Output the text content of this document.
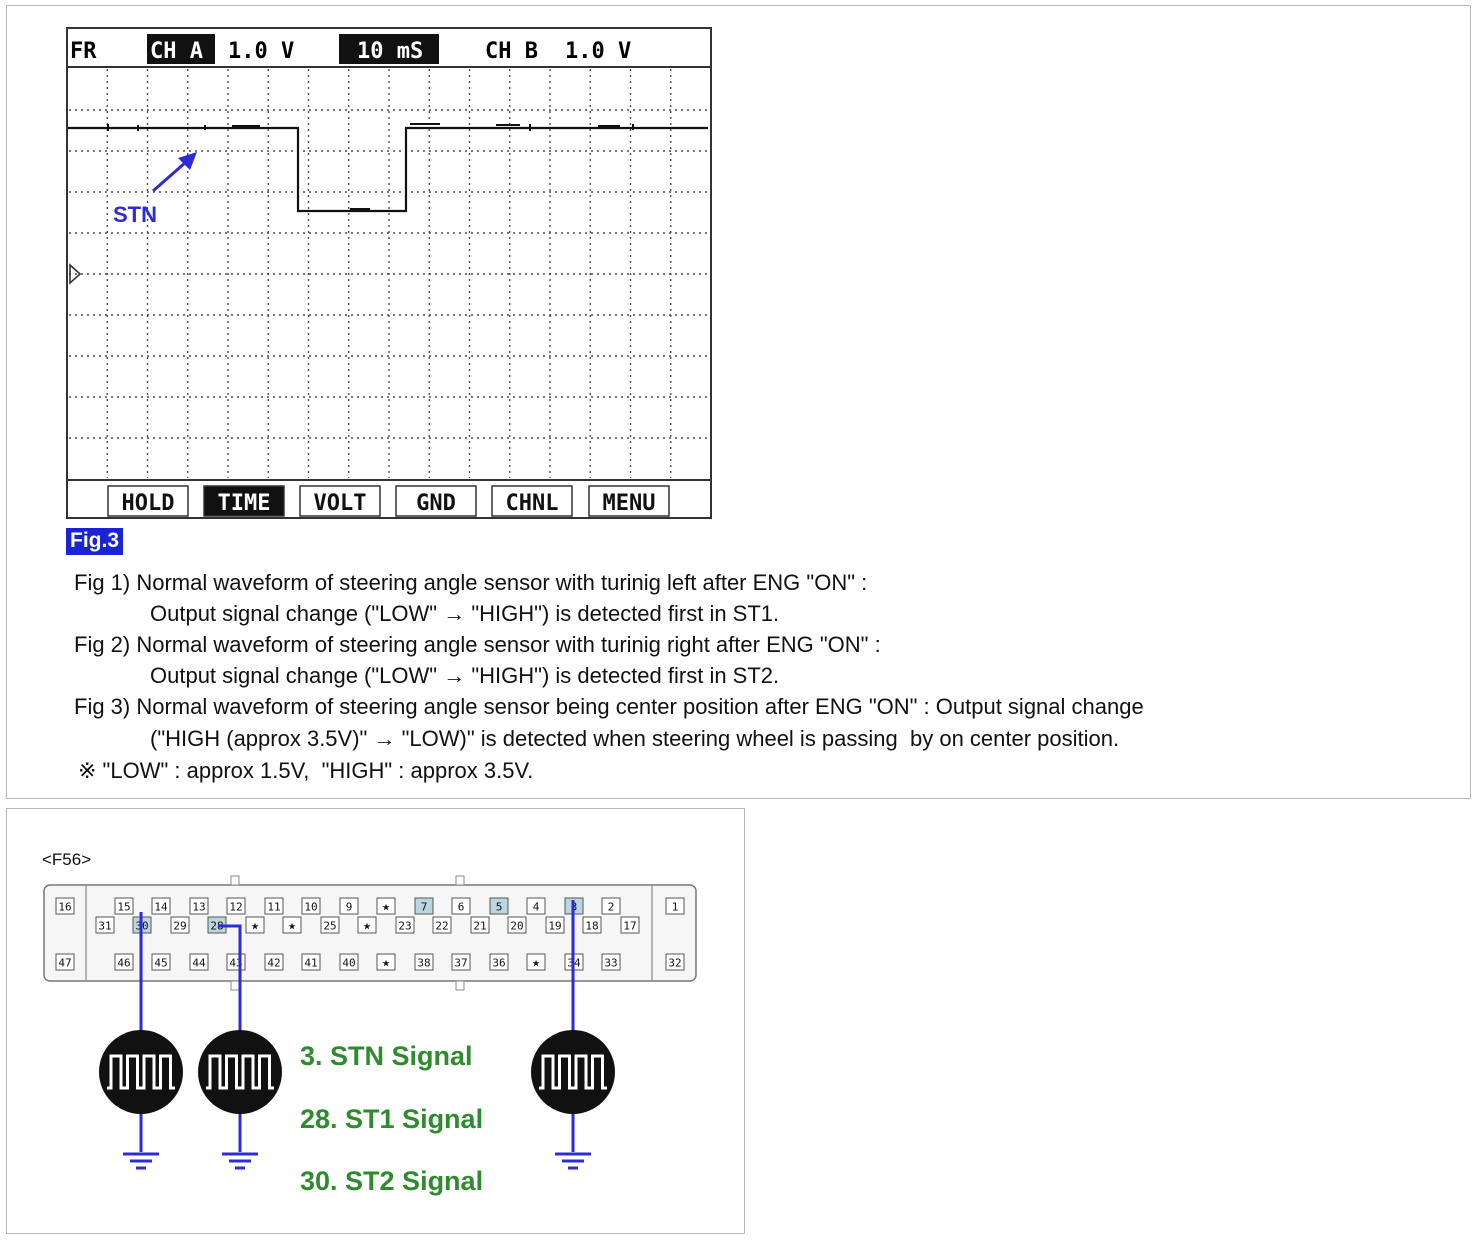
FR CH A 1.0 V	10 mS	CH B 1.0 V
STN
HOLD TIME VOLT GND CHNL MENU
Fig.3
Fig 1) Normal waveform of steering angle sensor with turinig left after ENG "ON" :
Output signal change ("LOW" → "HIGH") is detected first in ST1.
Fig 2) Normal waveform of steering angle sensor with turinig right after ENG "ON" :
Output signal change ("LOW" → "HIGH") is detected first in ST2.
Fig 3) Normal waveform of steering angle sensor being center position after ENG "ON" : Output signal change
("HIGH (approx 3.5V)" → "LOW)" is detected when steering wheel is passing  by on center position.
※ "LOW" : approx 1.5V,  "HIGH" : approx 3.5V.
<F56>
16
47
1
32
15 14 13 12 11 10	9 ★	7	6	5	4	3	2
31 30 29 28 ★ ★ 25 ★ 23 22 21 20 19 18 17
46 45 44 43 42 41 40 ★ 38 37 36 ★ 34 33
3. STN Signal
28. ST1 Signal
30. ST2 Signal
